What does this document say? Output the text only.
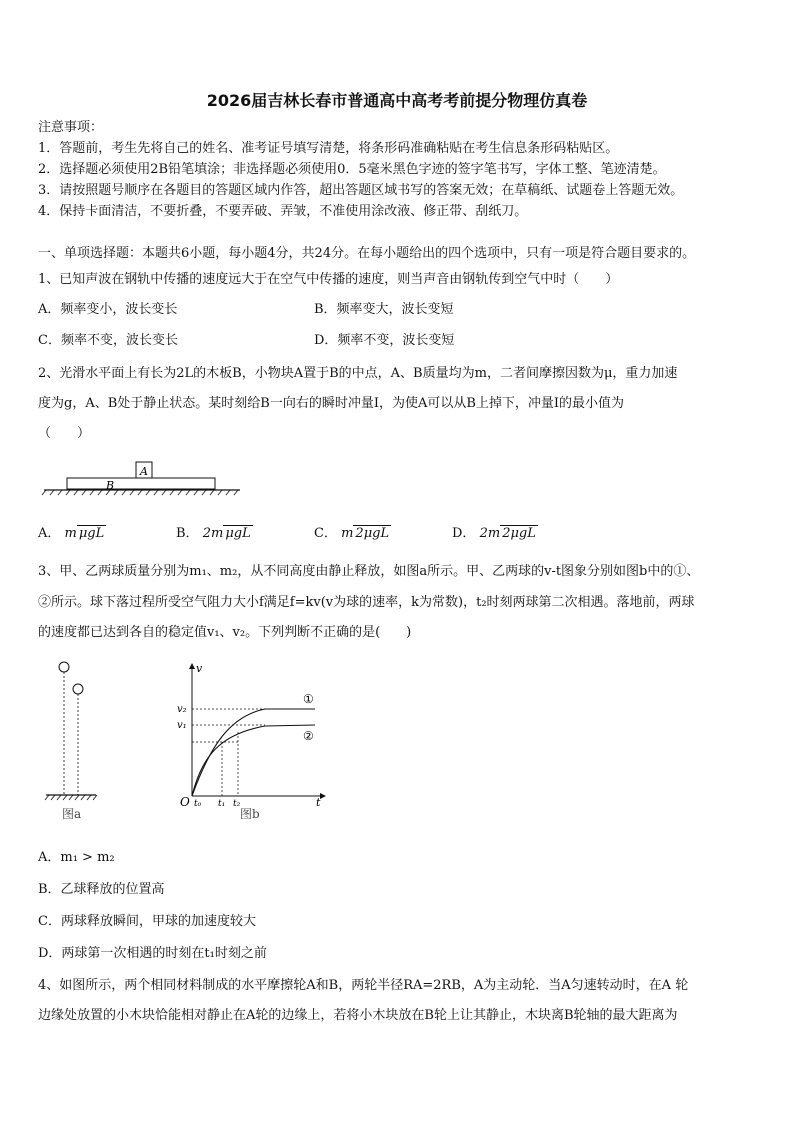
2026届吉林长春市普通高中高考考前提分物理仿真卷
注意事项：
1．答题前，考生先将自己的姓名、准考证号填写清楚，将条形码准确粘贴在考生信息条形码粘贴区。
2．选择题必须使用2B铅笔填涂；非选择题必须使用0．5毫米黑色字迹的签字笔书写，字体工整、笔迹清楚。
3．请按照题号顺序在各题目的答题区域内作答，超出答题区域书写的答案无效；在草稿纸、试题卷上答题无效。
4．保持卡面清洁，不要折叠，不要弄破、弄皱，不准使用涂改液、修正带、刮纸刀。
一、单项选择题：本题共6小题，每小题4分，共24分。在每小题给出的四个选项中，只有一项是符合题目要求的。
1、已知声波在钢轨中传播的速度远大于在空气中传播的速度，则当声音由钢轨传到空气中时（　　）
A．频率变小，波长变长	B．频率变大，波长变短
C．频率不变，波长变长	D．频率不变，波长变短
2、光滑水平面上有长为2L的木板B，小物块A置于B的中点，A、B质量均为m，二者间摩擦因数为μ，重力加速
度为g，A、B处于静止状态。某时刻给B一向右的瞬时冲量I，为使A可以从B上掉下，冲量I的最小值为
（　　）
A
B
A． m μgL	B． 2m μgL	C． m 2μgL	D． 2m 2μgL
3、甲、乙两球质量分别为m₁、m₂，从不同高度由静止释放，如图a所示。甲、乙两球的v-t图象分别如图b中的①、
②所示。球下落过程所受空气阻力大小f满足f=kv(v为球的速率，k为常数)，t₂时刻两球第二次相遇。落地前，两球
的速度都已达到各自的稳定值v₁、v₂。下列判断不正确的是(　　)
图a
v
t
O
v₂
v₁
t₀ t₁ t₂
①
②
图b
A．m₁ > m₂
B．乙球释放的位置高
C．两球释放瞬间，甲球的加速度较大
D．两球第一次相遇的时刻在t₁时刻之前
4、如图所示，两个相同材料制成的水平摩擦轮A和B，两轮半径RA=2RB，A为主动轮．当A匀速转动时，在A 轮
边缘处放置的小木块恰能相对静止在A轮的边缘上，若将小木块放在B轮上让其静止，木块离B轮轴的最大距离为
